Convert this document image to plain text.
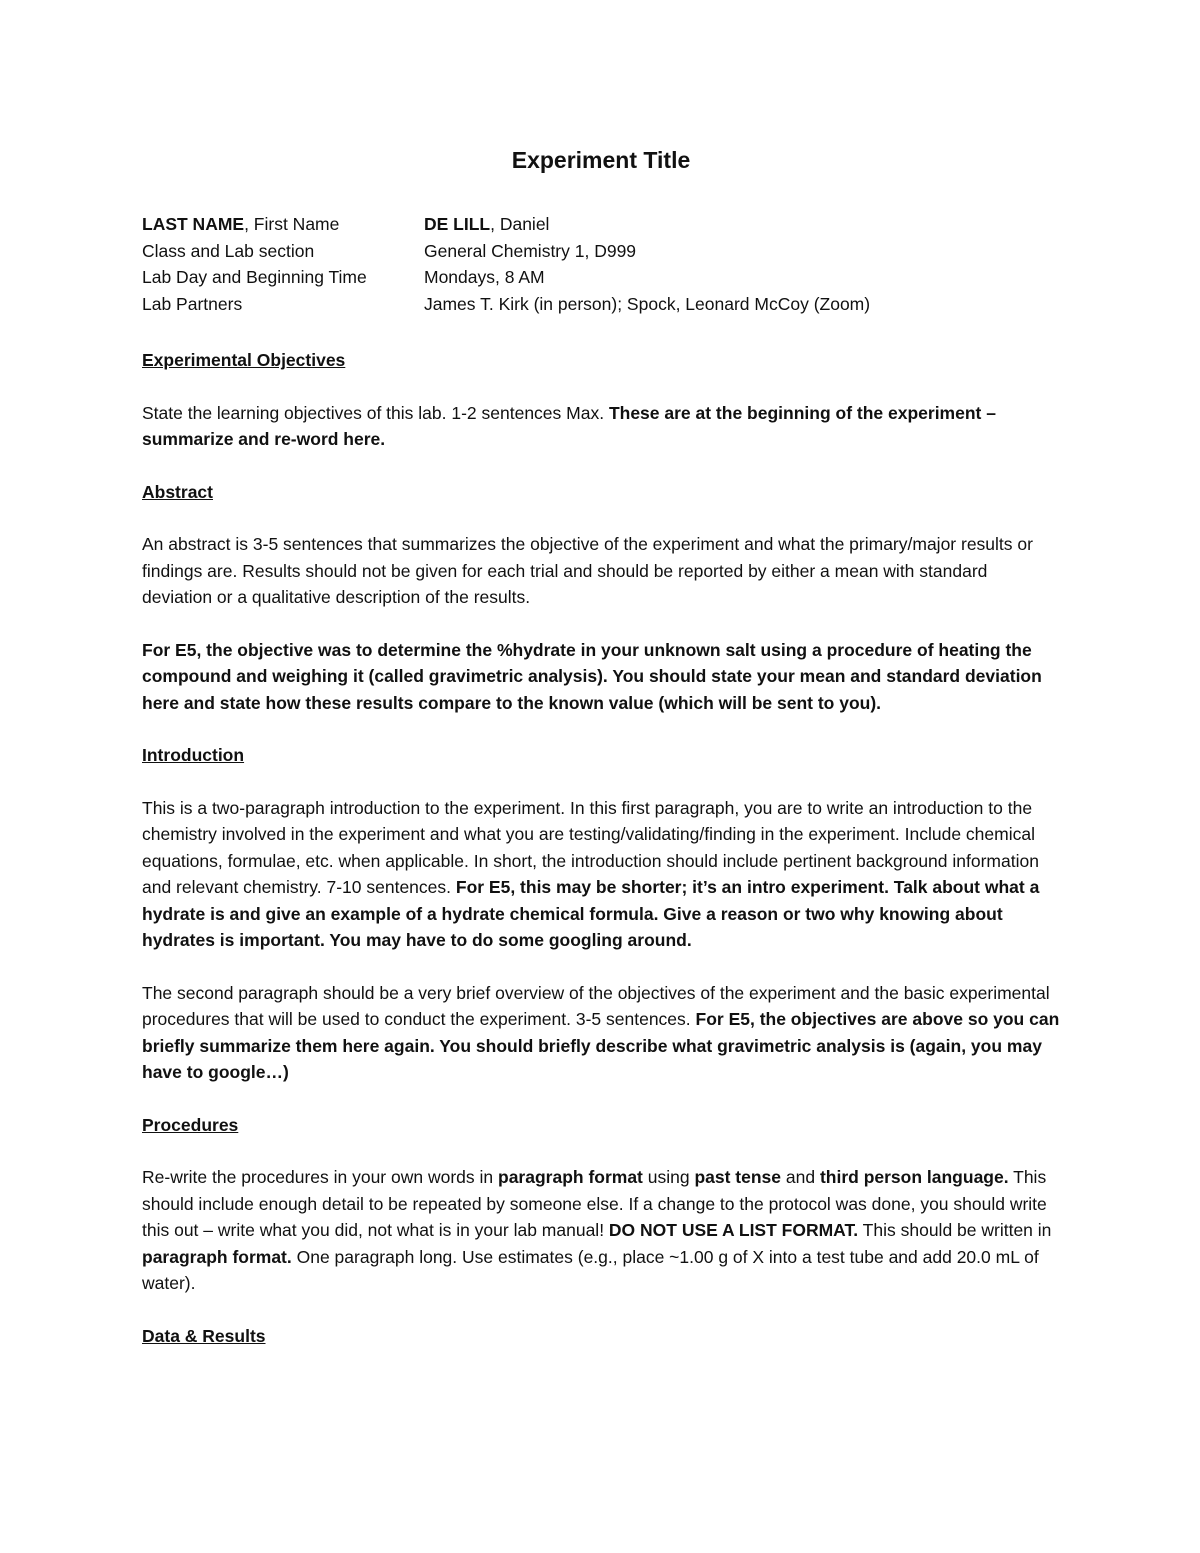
Experiment Title
LAST NAME, First Name	DE LILL, Daniel
Class and Lab section	General Chemistry 1, D999
Lab Day and Beginning Time	Mondays, 8 AM
Lab Partners	James T. Kirk (in person); Spock, Leonard McCoy (Zoom)
Experimental Objectives

State the learning objectives of this lab. 1-2 sentences Max. These are at the beginning of the experiment – summarize and re-word here.

Abstract

An abstract is 3-5 sentences that summarizes the objective of the experiment and what the primary/major results or findings are. Results should not be given for each trial and should be reported by either a mean with standard deviation or a qualitative description of the results.

For E5, the objective was to determine the %hydrate in your unknown salt using a procedure of heating the compound and weighing it (called gravimetric analysis). You should state your mean and standard deviation here and state how these results compare to the known value (which will be sent to you).

Introduction

This is a two-paragraph introduction to the experiment. In this first paragraph, you are to write an introduction to the chemistry involved in the experiment and what you are testing/validating/finding in the experiment. Include chemical equations, formulae, etc. when applicable. In short, the introduction should include pertinent background information and relevant chemistry. 7-10 sentences. For E5, this may be shorter; it’s an intro experiment. Talk about what a hydrate is and give an example of a hydrate chemical formula. Give a reason or two why knowing about hydrates is important. You may have to do some googling around.

The second paragraph should be a very brief overview of the objectives of the experiment and the basic experimental procedures that will be used to conduct the experiment. 3-5 sentences. For E5, the objectives are above so you can briefly summarize them here again. You should briefly describe what gravimetric analysis is (again, you may have to google…)

Procedures

Re-write the procedures in your own words in paragraph format using past tense and third person language. This should include enough detail to be repeated by someone else. If a change to the protocol was done, you should write this out – write what you did, not what is in your lab manual! DO NOT USE A LIST FORMAT. This should be written in paragraph format. One paragraph long. Use estimates (e.g., place ~1.00 g of X into a test tube and add 20.0 mL of water).

Data & Results
